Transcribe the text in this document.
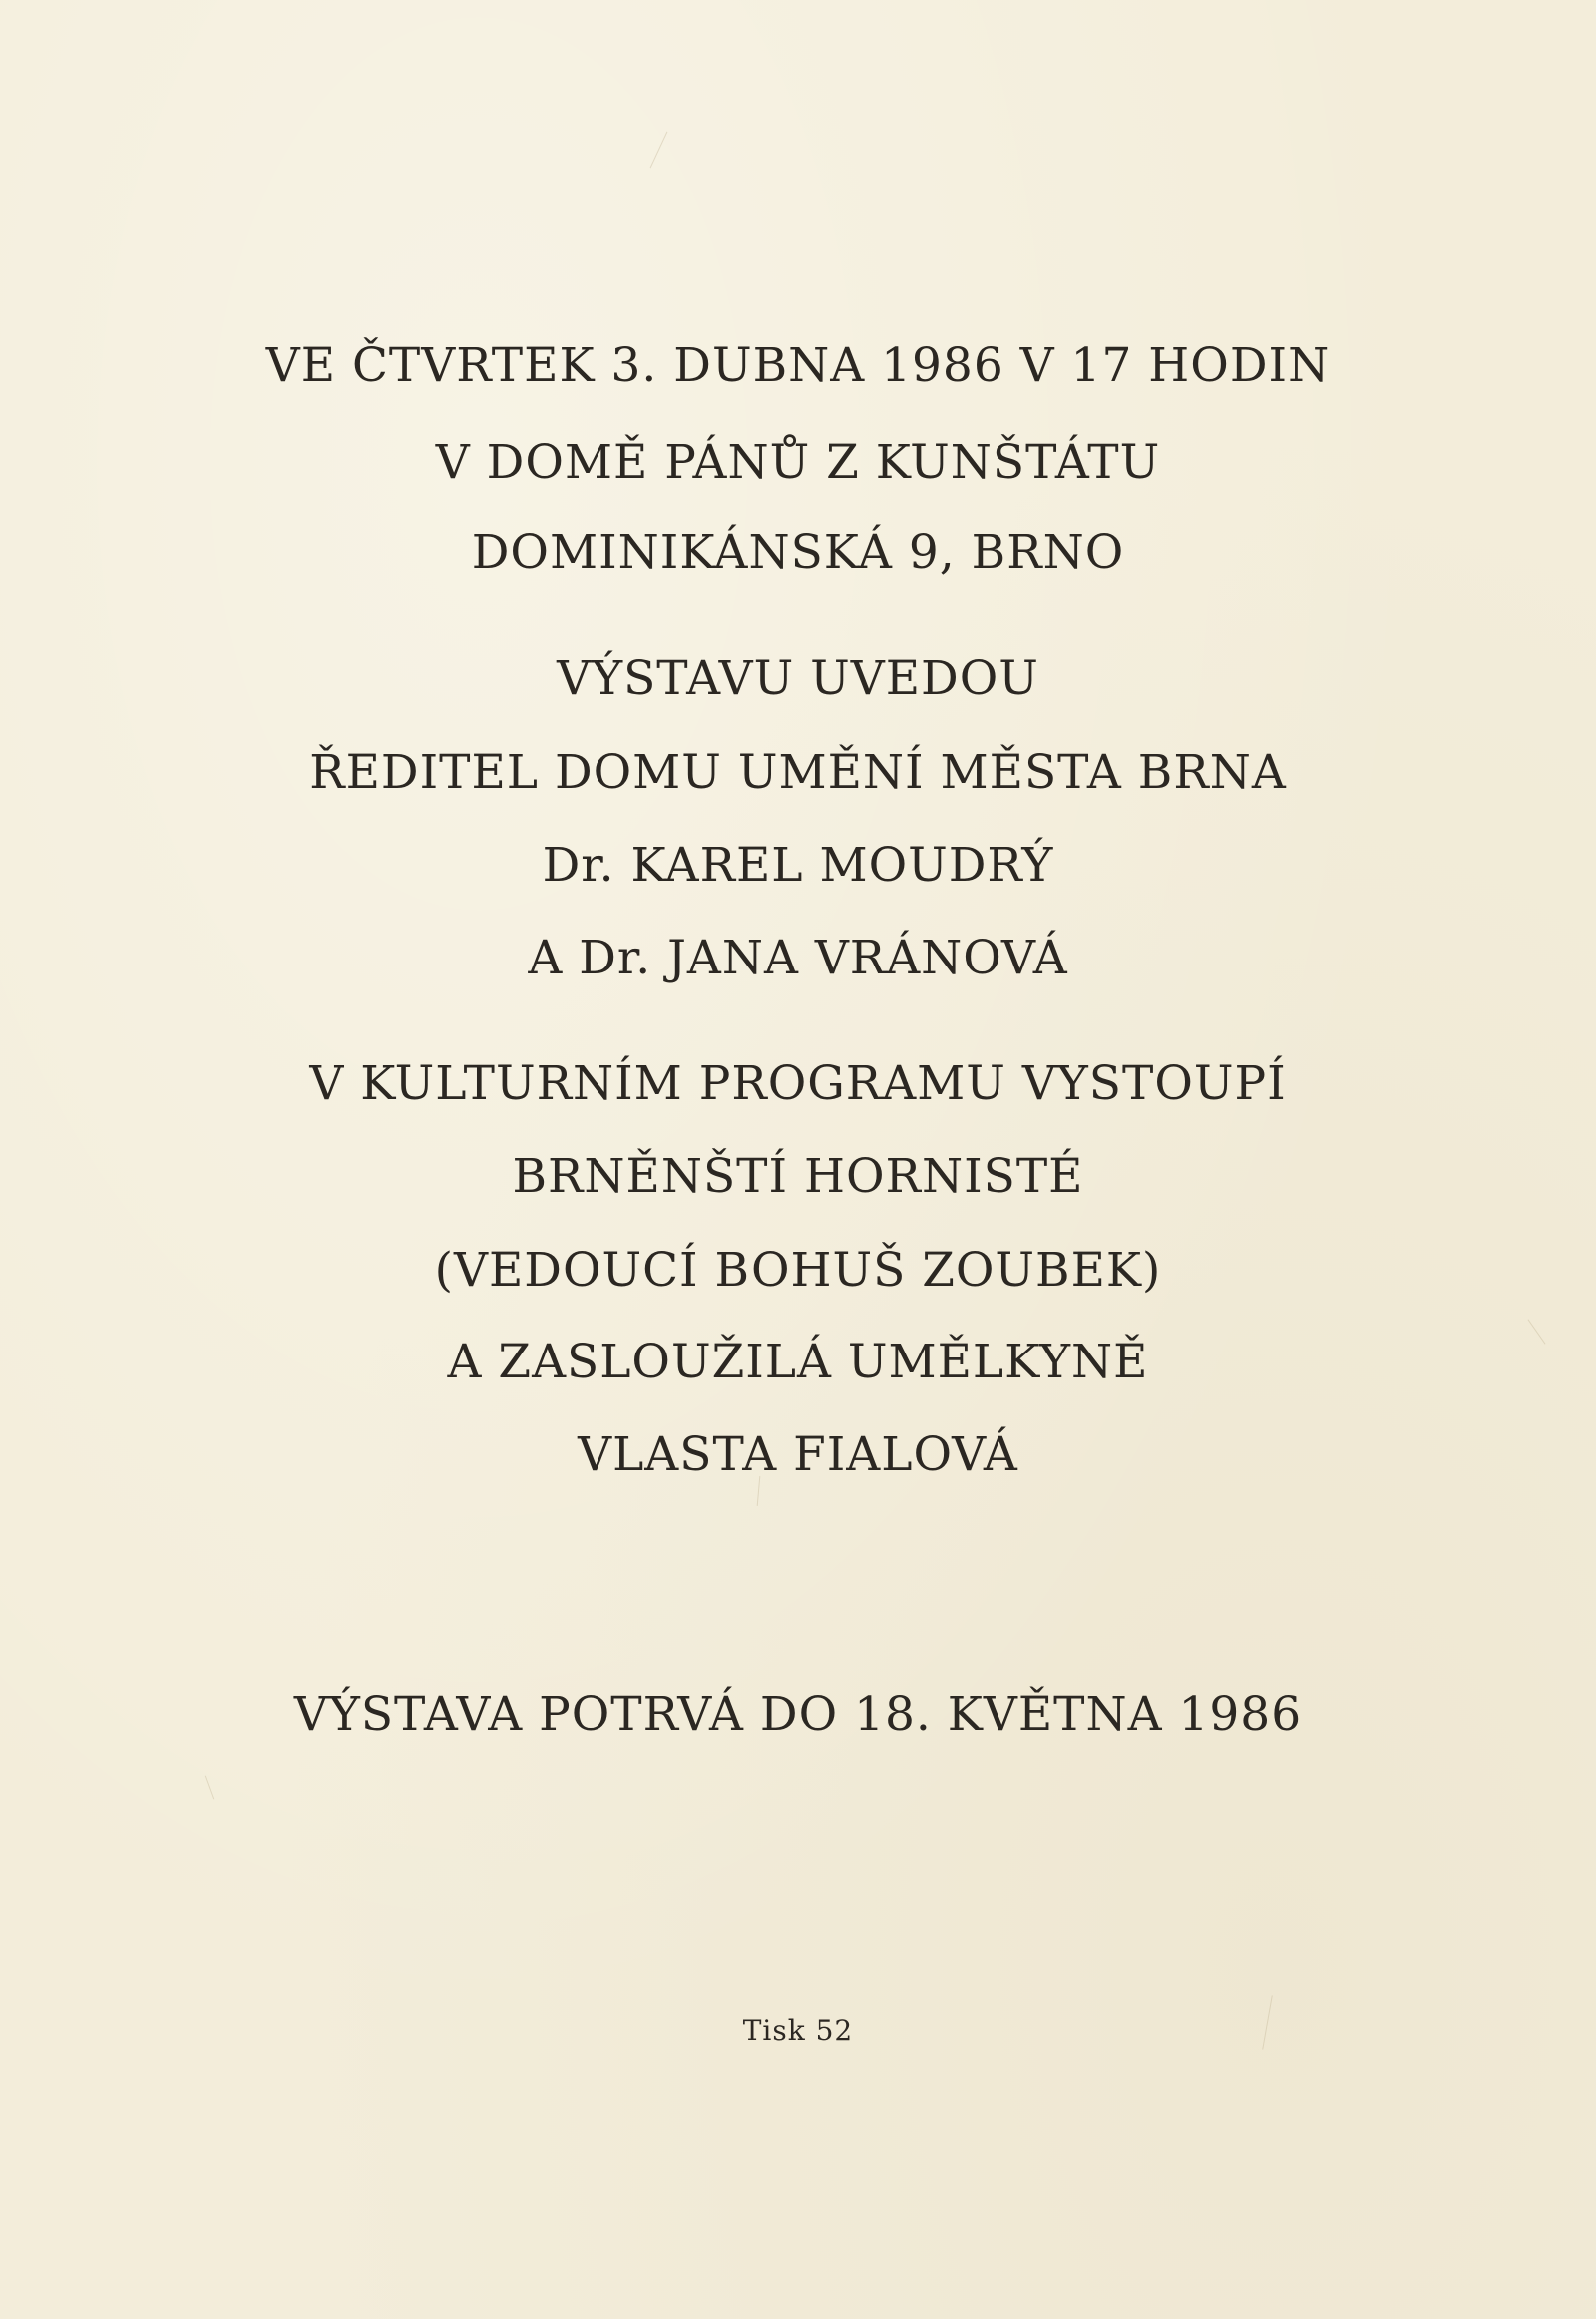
VE ČTVRTEK 3. DUBNA 1986 V 17 HODIN
V DOMĚ PÁNŮ Z KUNŠTÁTU
DOMINIKÁNSKÁ 9, BRNO
VÝSTAVU UVEDOU
ŘEDITEL DOMU UMĚNÍ MĚSTA BRNA
Dr. KAREL MOUDRÝ
A Dr. JANA VRÁNOVÁ
V KULTURNÍM PROGRAMU VYSTOUPÍ
BRNĚNŠTÍ HORNISTÉ
(VEDOUCÍ BOHUŠ ZOUBEK)
A ZASLOUŽILÁ UMĚLKYNĚ
VLASTA FIALOVÁ
VÝSTAVA POTRVÁ DO 18. KVĚTNA 1986
Tisk 52
